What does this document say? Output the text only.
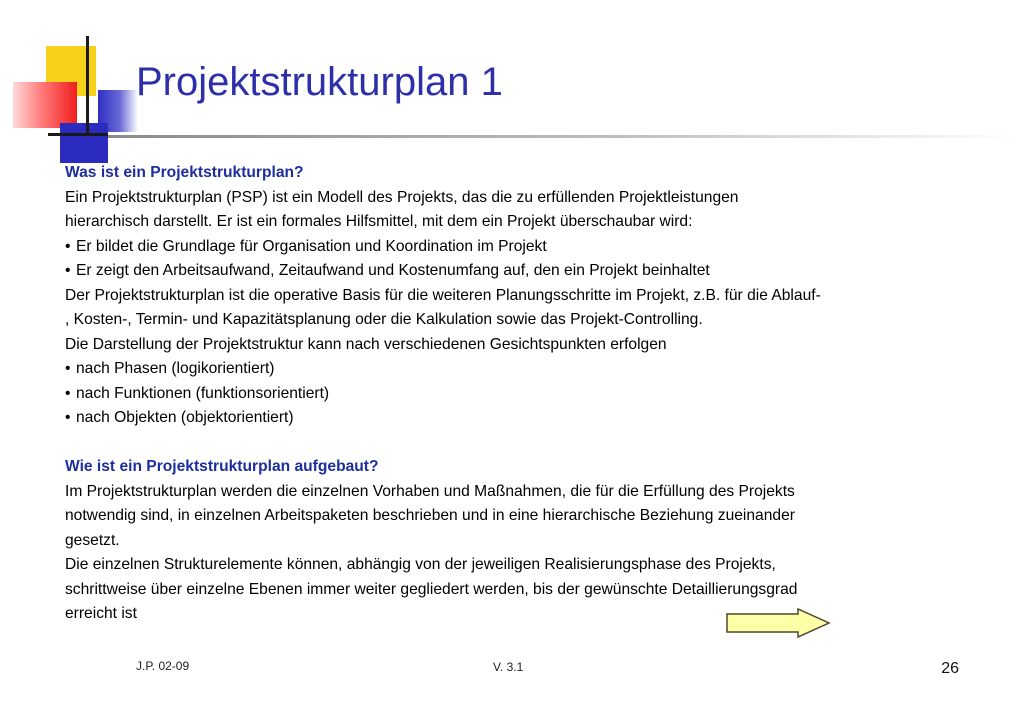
Projektstrukturplan 1

Was ist ein Projektstrukturplan?

Ein Projektstrukturplan (PSP) ist ein Modell des Projekts, das die zu erfüllenden Projektleistungen

hierarchisch darstellt. Er ist ein formales Hilfsmittel, mit dem ein Projekt überschaubar wird:

• Er bildet die Grundlage für Organisation und Koordination im Projekt

• Er zeigt den Arbeitsaufwand, Zeitaufwand und Kostenumfang auf, den ein Projekt beinhaltet

Der Projektstrukturplan ist die operative Basis für die weiteren Planungsschritte im Projekt, z.B. für die Ablauf-

, Kosten-, Termin- und Kapazitätsplanung oder die Kalkulation sowie das Projekt-Controlling.

Die Darstellung der Projektstruktur kann nach verschiedenen Gesichtspunkten erfolgen

• nach Phasen (logikorientiert)

• nach Funktionen (funktionsorientiert)

• nach Objekten (objektorientiert)

Wie ist ein Projektstrukturplan aufgebaut?

Im Projektstrukturplan werden die einzelnen Vorhaben und Maßnahmen, die für die Erfüllung des Projekts

notwendig sind, in einzelnen Arbeitspaketen beschrieben und in eine hierarchische Beziehung zueinander

gesetzt.

Die einzelnen Strukturelemente können, abhängig von der jeweiligen Realisierungsphase des Projekts,

schrittweise über einzelne Ebenen immer weiter gegliedert werden, bis der gewünschte Detaillierungsgrad

erreicht ist

J.P. 02-09	V. 3.1	26
